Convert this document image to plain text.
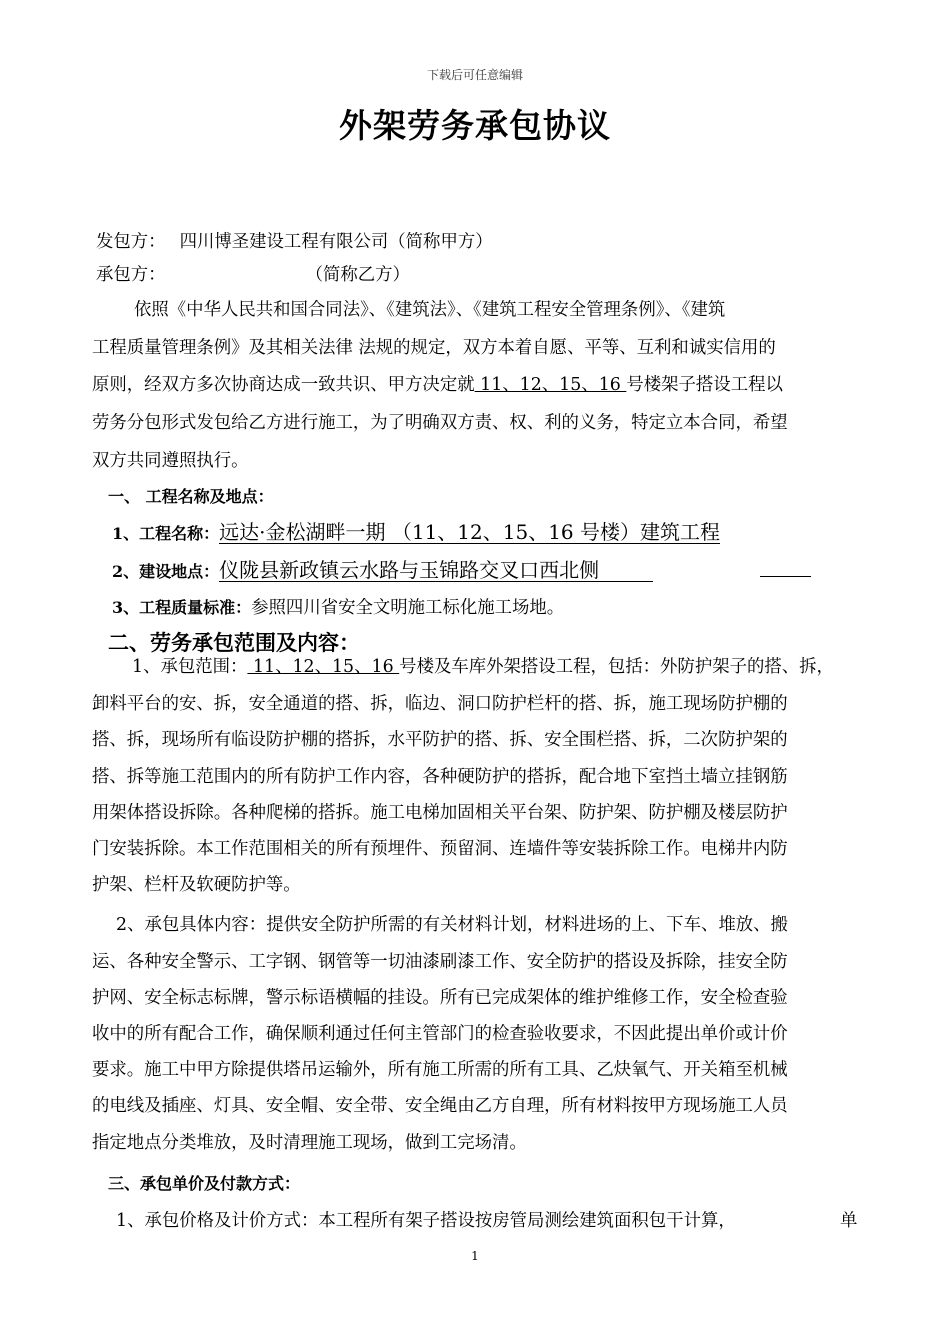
下载后可任意编辑
外架劳务承包协议
发包方： 四川博圣建设工程有限公司（简称甲方）
承包方：	（简称乙方）
依照《中华人民共和国合同法》、《建筑法》、《建筑工程安全管理条例》、《建筑
工程质量管理条例》及其相关法律 法规的规定，双方本着自愿、平等、互利和诚实信用的
原则，经双方多次协商达成一致共识、甲方决定就 11、12、15、16 号楼架子搭设工程以
劳务分包形式发包给乙方进行施工，为了明确双方责、权、利的义务，特定立本合同，希望
双方共同遵照执行。
一、 工程名称及地点：
1、工程名称：远达·金松湖畔一期 （11、12、15、16 号楼）建筑工程
2、建设地点：仪陇县新政镇云水路与玉锦路交叉口西北侧
3、工程质量标准：参照四川省安全文明施工标化施工场地。
二、劳务承包范围及内容：
1、承包范围： 11、12、15、16 号楼及车库外架搭设工程，包括：外防护架子的搭、拆，
卸料平台的安、拆，安全通道的搭、拆，临边、洞口防护栏杆的搭、拆，施工现场防护棚的
搭、拆，现场所有临设防护棚的搭拆，水平防护的搭、拆、安全围栏搭、拆，二次防护架的
搭、拆等施工范围内的所有防护工作内容，各种硬防护的搭拆，配合地下室挡土墙立挂钢筋
用架体搭设拆除。各种爬梯的搭拆。施工电梯加固相关平台架、防护架、防护棚及楼层防护
门安装拆除。本工作范围相关的所有预埋件、预留洞、连墙件等安装拆除工作。电梯井内防
护架、栏杆及软硬防护等。
2、承包具体内容：提供安全防护所需的有关材料计划，材料进场的上、下车、堆放、搬
运、各种安全警示、工字钢、钢管等一切油漆刷漆工作、安全防护的搭设及拆除，挂安全防
护网、安全标志标牌，警示标语横幅的挂设。所有已完成架体的维护维修工作，安全检查验
收中的所有配合工作，确保顺利通过任何主管部门的检查验收要求，不因此提出单价或计价
要求。施工中甲方除提供塔吊运输外，所有施工所需的所有工具、乙炔氧气、开关箱至机械
的电线及插座、灯具、安全帽、安全带、安全绳由乙方自理，所有材料按甲方现场施工人员
指定地点分类堆放，及时清理施工现场，做到工完场清。
三、承包单价及付款方式：
1、承包价格及计价方式：本工程所有架子搭设按房管局测绘建筑面积包干计算，	单
1
